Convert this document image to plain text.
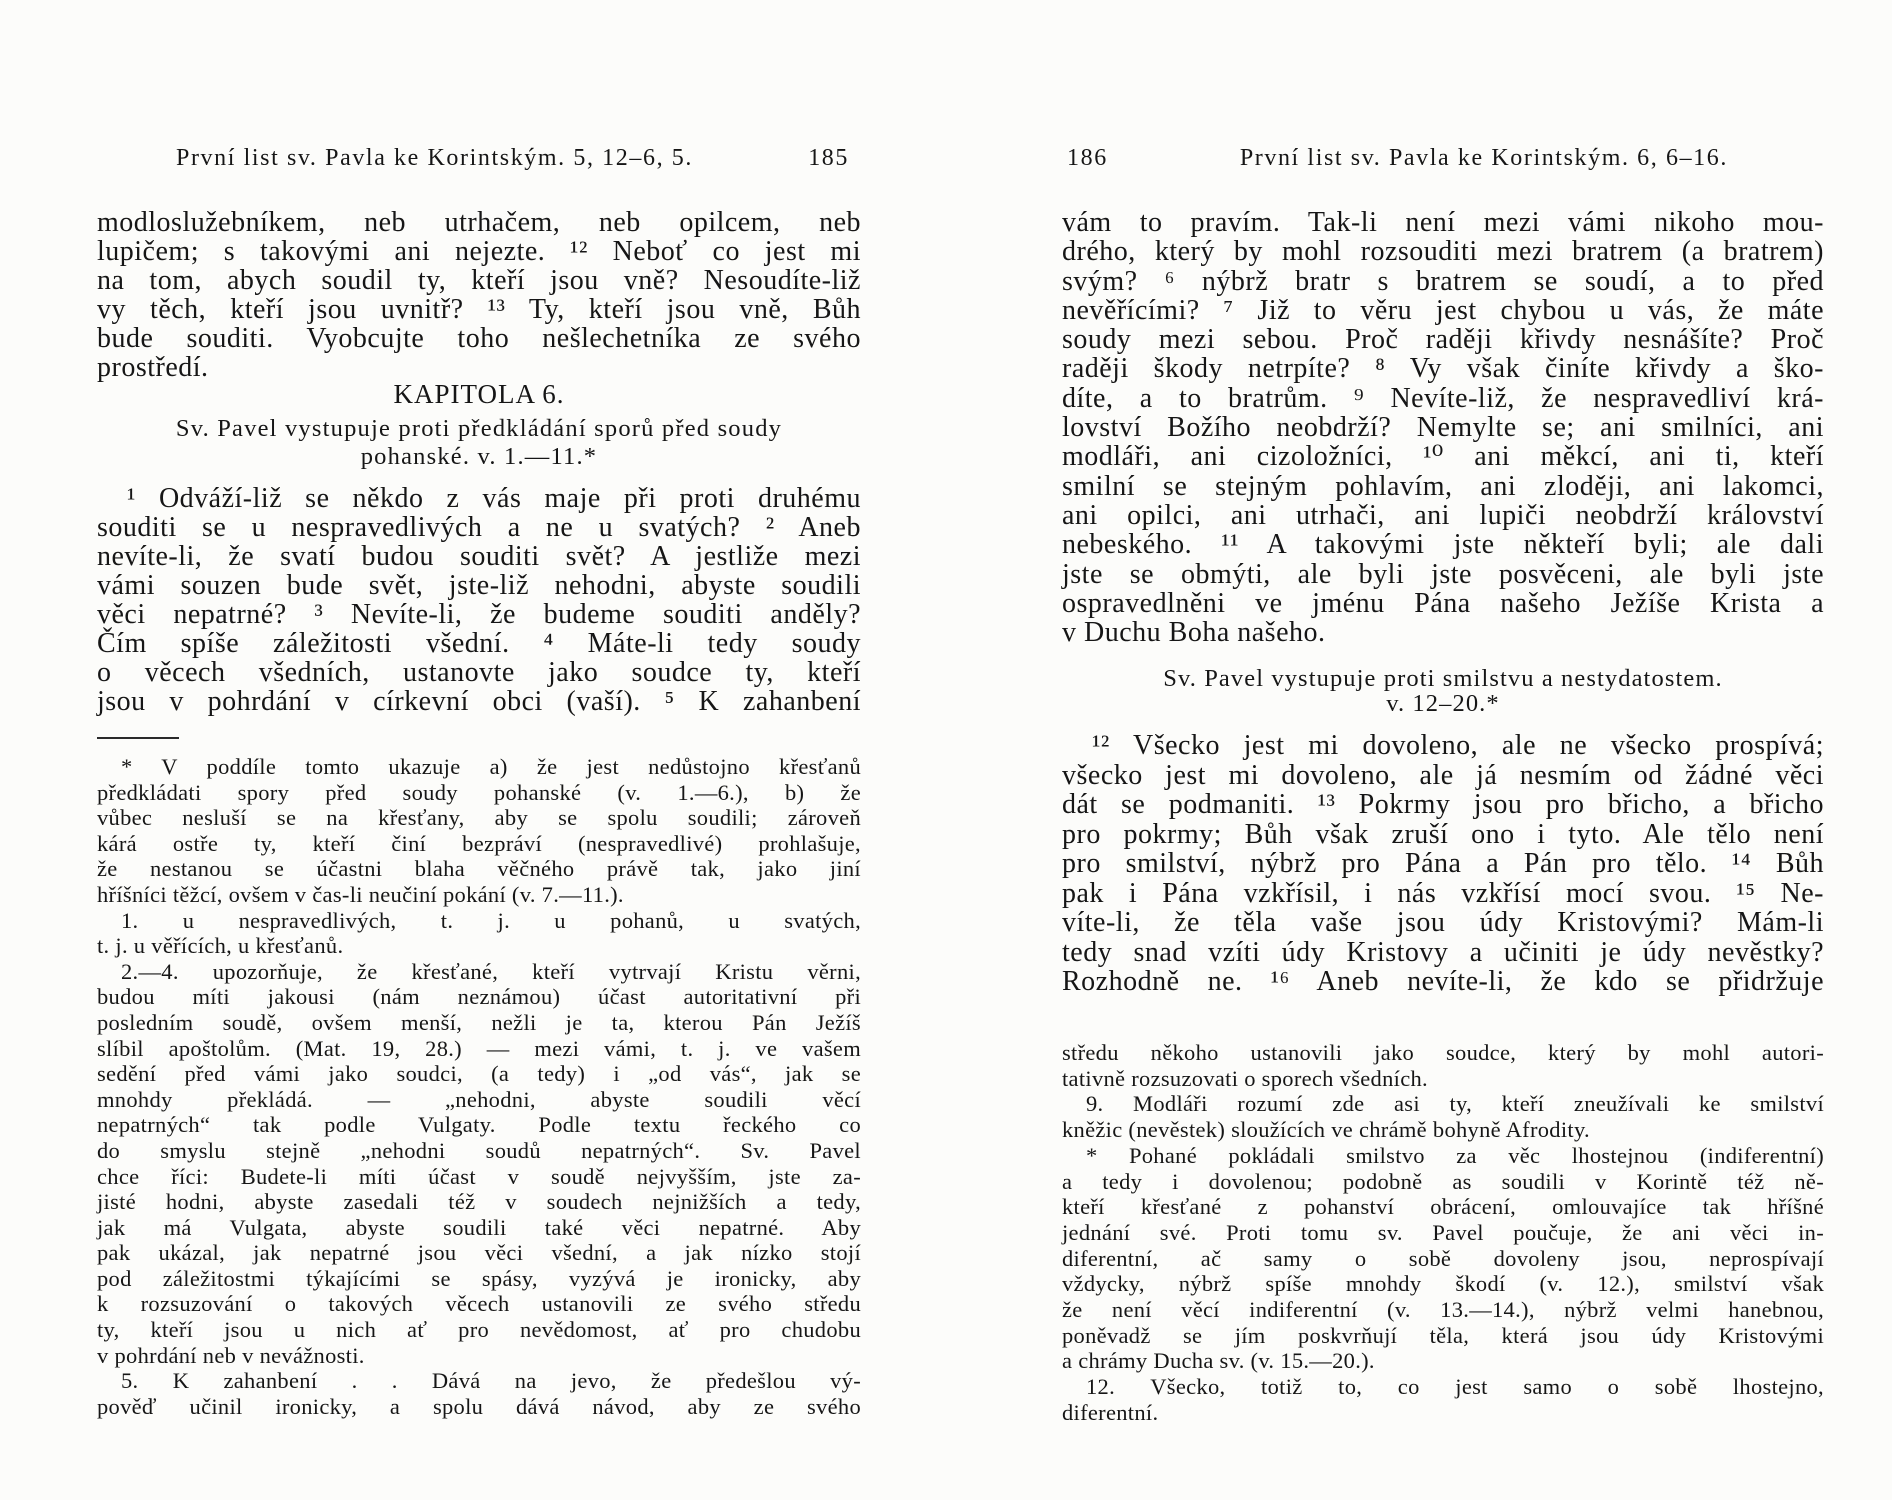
První list sv. Pavla ke Korintským. 5, 12–6, 5.	185
modloslužebníkem, neb utrhačem, neb opilcem, neb
lupičem; s takovými ani nejezte. ¹² Neboť co jest mi
na tom, abych soudil ty, kteří jsou vně? Nesoudíte-liž
vy těch, kteří jsou uvnitř? ¹³ Ty, kteří jsou vně, Bůh
bude souditi. Vyobcujte toho nešlechetníka ze svého
prostředí.
KAPITOLA 6.
Sv. Pavel vystupuje proti předkládání sporů před soudy
pohanské. v. 1.—11.*
¹ Odváží-liž se někdo z vás maje při proti druhému
souditi se u nespravedlivých a ne u svatých? ² Aneb
nevíte-li, že svatí budou souditi svět? A jestliže mezi
vámi souzen bude svět, jste-liž nehodni, abyste soudili
věci nepatrné? ³ Nevíte-li, že budeme souditi anděly?
Čím spíše záležitosti všední. ⁴ Máte-li tedy soudy
o věcech všedních, ustanovte jako soudce ty, kteří
jsou v pohrdání v církevní obci (vaší). ⁵ K zahanbení
* V poddíle tomto ukazuje a) že jest nedůstojno křesťanů
předkládati spory před soudy pohanské (v. 1.—6.), b) že
vůbec nesluší se na křesťany, aby se spolu soudili; zároveň
kárá ostře ty, kteří činí bezpráví (nespravedlivé) prohlašuje,
že nestanou se účastni blaha věčného právě tak, jako jiní
hříšníci těžcí, ovšem v čas-li neučiní pokání (v. 7.—11.).
1. u nespravedlivých, t. j. u pohanů, u svatých,
t. j. u věřících, u křesťanů.
2.—4. upozorňuje, že křesťané, kteří vytrvají Kristu věrni,
budou míti jakousi (nám neznámou) účast autoritativní při
posledním soudě, ovšem menší, nežli je ta, kterou Pán Ježíš
slíbil apoštolům. (Mat. 19, 28.) — mezi vámi, t. j. ve vašem
sedění před vámi jako soudci, (a tedy) i „od vás“, jak se
mnohdy překládá. — „nehodni, abyste soudili věcí
nepatrných“ tak podle Vulgaty. Podle textu řeckého co
do smyslu stejně „nehodni soudů nepatrných“. Sv. Pavel
chce říci: Budete-li míti účast v soudě nejvyšším, jste za-
jisté hodni, abyste zasedali též v soudech nejnižších a tedy,
jak má Vulgata, abyste soudili také věci nepatrné. Aby
pak ukázal, jak nepatrné jsou věci všední, a jak nízko stojí
pod záležitostmi týkajícími se spásy, vyzývá je ironicky, aby
k rozsuzování o takových věcech ustanovili ze svého středu
ty, kteří jsou u nich ať pro nevědomost, ať pro chudobu
v pohrdání neb v nevážnosti.
5. K zahanbení . . Dává na jevo, že předešlou vý-
pověď učinil ironicky, a spolu dává návod, aby ze svého
186	První list sv. Pavla ke Korintským. 6, 6–16.
vám to pravím. Tak-li není mezi vámi nikoho mou-
drého, který by mohl rozsouditi mezi bratrem (a bratrem)
svým? ⁶ nýbrž bratr s bratrem se soudí, a to před
nevěřícími? ⁷ Již to věru jest chybou u vás, že máte
soudy mezi sebou. Proč raději křivdy nesnášíte? Proč
raději škody netrpíte? ⁸ Vy však činíte křivdy a ško-
díte, a to bratrům. ⁹ Nevíte-liž, že nespravedliví krá-
lovství Božího neobdrží? Nemylte se; ani smilníci, ani
modláři, ani cizoložníci, ¹⁰ ani měkcí, ani ti, kteří
smilní se stejným pohlavím, ani zloději, ani lakomci,
ani opilci, ani utrhači, ani lupiči neobdrží království
nebeského. ¹¹ A takovými jste někteří byli; ale dali
jste se obmýti, ale byli jste posvěceni, ale byli jste
ospravedlněni ve jménu Pána našeho Ježíše Krista a
v Duchu Boha našeho.
Sv. Pavel vystupuje proti smilstvu a nestydatostem.
v. 12–20.*
¹² Všecko jest mi dovoleno, ale ne všecko prospívá;
všecko jest mi dovoleno, ale já nesmím od žádné věci
dát se podmaniti. ¹³ Pokrmy jsou pro břicho, a břicho
pro pokrmy; Bůh však zruší ono i tyto. Ale tělo není
pro smilství, nýbrž pro Pána a Pán pro tělo. ¹⁴ Bůh
pak i Pána vzkřísil, i nás vzkřísí mocí svou. ¹⁵ Ne-
víte-li, že těla vaše jsou údy Kristovými? Mám-li
tedy snad vzíti údy Kristovy a učiniti je údy nevěstky?
Rozhodně ne. ¹⁶ Aneb nevíte-li, že kdo se přidržuje
středu někoho ustanovili jako soudce, který by mohl autori-
tativně rozsuzovati o sporech všedních.
9. Modláři rozumí zde asi ty, kteří zneužívali ke smilství
kněžic (nevěstek) sloužících ve chrámě bohyně Afrodity.
* Pohané pokládali smilstvo za věc lhostejnou (indiferentní)
a tedy i dovolenou; podobně as soudili v Korintě též ně-
kteří křesťané z pohanství obrácení, omlouvajíce tak hříšné
jednání své. Proti tomu sv. Pavel poučuje, že ani věci in-
diferentní, ač samy o sobě dovoleny jsou, neprospívají
vždycky, nýbrž spíše mnohdy škodí (v. 12.), smilství však
že není věcí indiferentní (v. 13.—14.), nýbrž velmi hanebnou,
poněvadž se jím poskvrňují těla, která jsou údy Kristovými
a chrámy Ducha sv. (v. 15.—20.).
12. Všecko, totiž to, co jest samo o sobě lhostejno,
diferentní.
